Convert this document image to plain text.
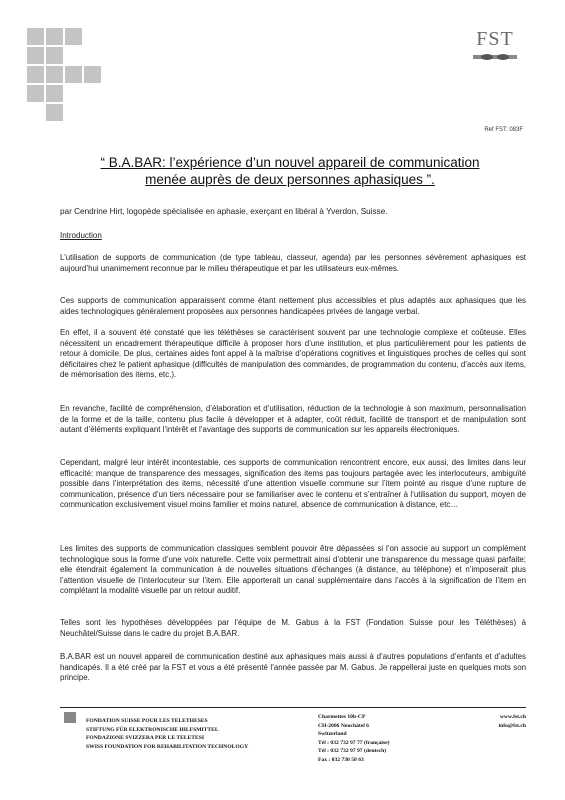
FST
Ref FST: 083F
“ B.A.BAR: l’expérience d’un nouvel appareil de communication
menée auprès de deux personnes aphasiques ”.
par Cendrine Hirt, logopède spécialisée en aphasie, exerçant en libéral à Yverdon, Suisse.
Introduction

L’utilisation de supports de communication (de type tableau, classeur, agenda) par les personnes sévèrement aphasiques est aujourd’hui unanimement reconnue par le milieu thérapeutique et par les utilisateurs eux-mêmes.

Ces supports de communication apparaissent comme étant nettement plus accessibles et plus adaptés aux aphasiques que les aides technologiques généralement proposées aux personnes handicapées privées de langage verbal.

En effet, il a souvent été constaté que les téléthèses se caractérisent souvent par une technologie complexe et coûteuse. Elles nécessitent un encadrement thérapeutique difficile à proposer hors d’une institution, et plus particulièrement pour les patients de retour à domicile. De plus, certaines aides font appel à la maîtrise d’opérations cognitives et linguistiques proches de celles qui sont déficitaires chez le patient aphasique (difficultés de manipulation des commandes, de programmation du contenu, d’accès aux items, de mémorisation des items, etc.).

En revanche, facilité de compréhension, d’élaboration et d’utilisation, réduction de la technologie à son maximum, personnalisation de la forme et de la taille, contenu plus facile à développer et à adapter, coût réduit, facilité de transport et de manipulation sont autant d’éléments expliquant l’intérêt et l’avantage des supports de communication sur les appareils électroniques.

Cependant, malgré leur intérêt incontestable, ces supports de communication rencontrent encore, eux aussi, des limites dans leur efficacité: manque de transparence des messages, signification des items pas toujours partagée avec les interlocuteurs, ambiguïté possible dans l’interprétation des items, nécessité d’une attention visuelle commune sur l’item pointé au risque d’une rupture de communication, présence d’un tiers nécessaire pour se familiariser avec le contenu et s’entraîner à l’utilisation du support, moyen de communication exclusivement visuel moins familier et moins naturel, absence de communication à distance, etc…

Les limites des supports de communication classiques semblent pouvoir être dépassées si l’on associe au support un complément technologique sous la forme d’une voix naturelle. Cette voix permettrait ainsi d’obtenir une transparence du message quasi parfaite; elle étendrait également la communication à de nouvelles situations d’échanges (à distance, au téléphone) et n’imposerait plus l’attention visuelle de l’interlocuteur sur l’item. Elle apporterait un canal supplémentaire dans l’accès à la signification de l’item en complétant la modalité visuelle par un retour auditif.

Telles sont les hypothèses développées par l’équipe de M. Gabus à la FST (Fondation Suisse pour les Téléthèses) à Neuchâtel/Suisse dans le cadre du projet B.A.BAR.

B.A.BAR est un nouvel appareil de communication destiné aux aphasiques mais aussi à d’autres populations d’enfants et d’adultes handicapés. Il a été créé par la FST et vous a été présenté l’année passée par M. Gabus. Je rappellerai juste en quelques mots son principe.

FONDATION SUISSE POUR LES TELETHESES
STIFTUNG FÜR ELEKTRONISCHE HILFSMITTEL
FONDAZIONE SVIZZERA PER LE TELETESI
SWISS FOUNDATION FOR REHABILITATION TECHNOLOGY
Charmettes 10b-CP
CH-2006 Neuchâtel 6
Switzerland
Tél : 032 732 97 77 (française)
Tél : 032 732 97 97 (deutsch)
Fax : 032 730 58 63
www.fst.ch
info@fst.ch
